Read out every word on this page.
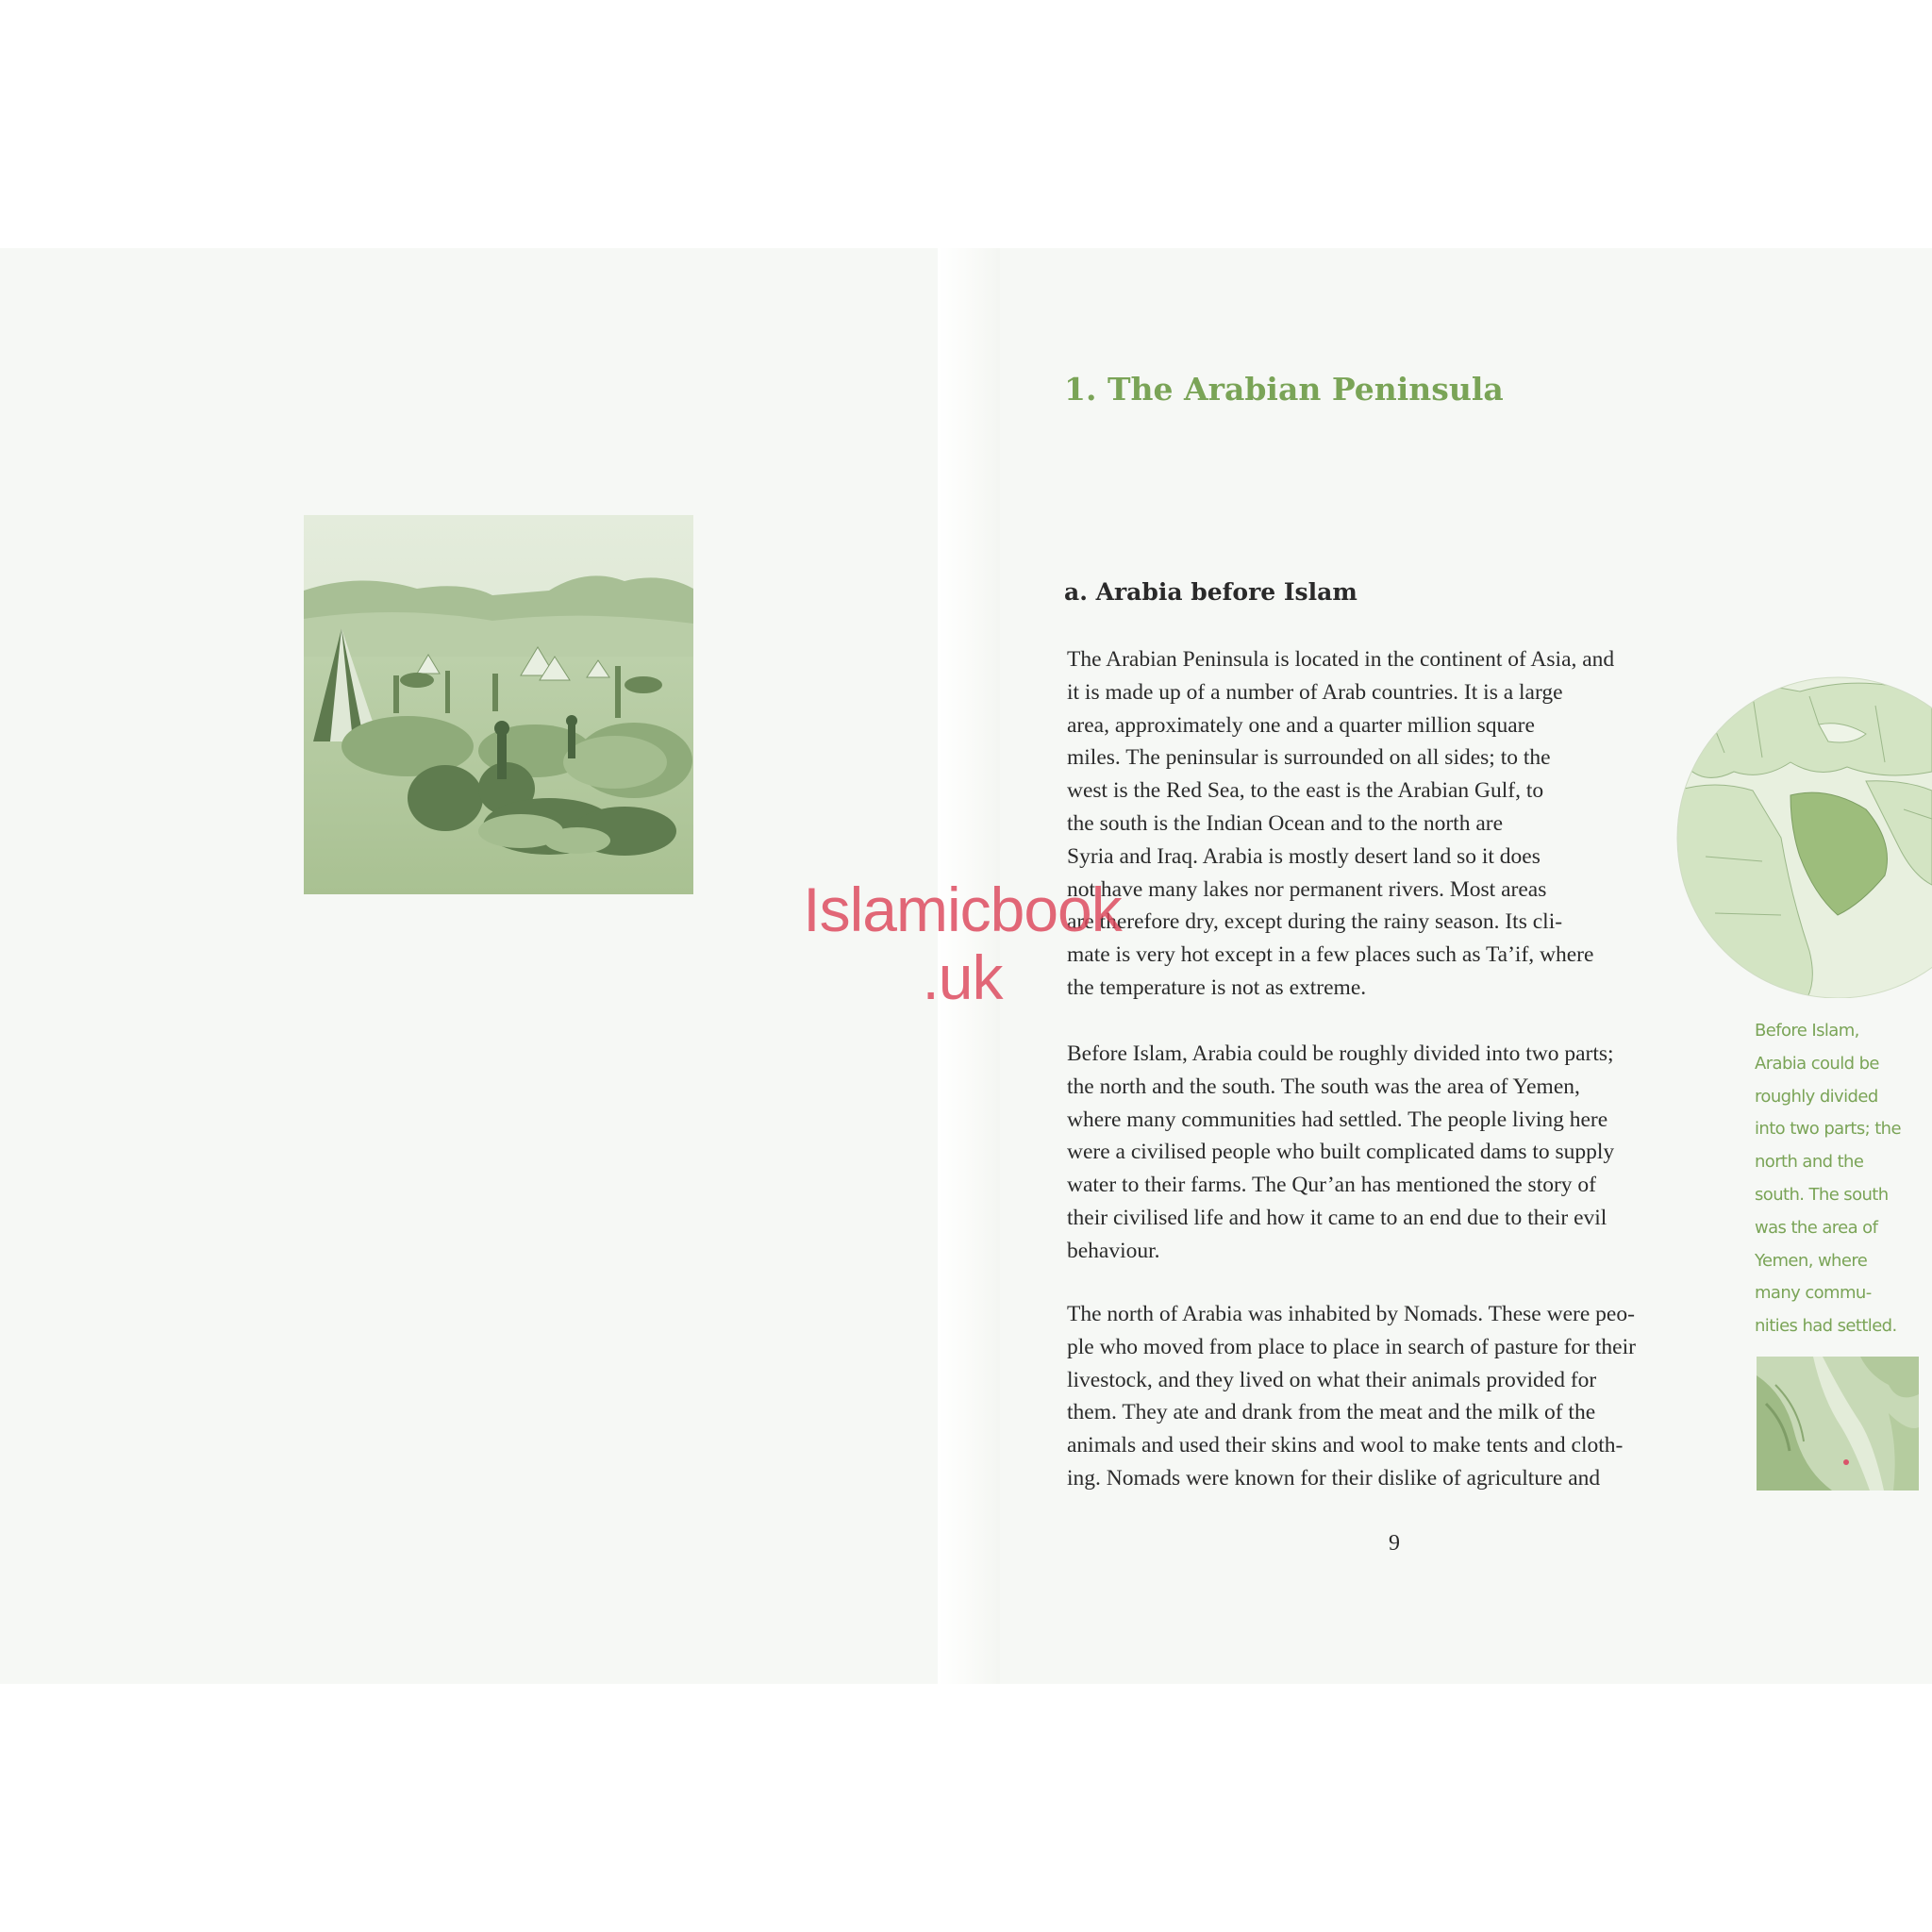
1. The Arabian Peninsula
a. Arabia before Islam
The Arabian Peninsula is located in the continent of Asia, and
it is made up of a number of Arab countries. It is a large
area, approximately one and a quarter million square
miles. The peninsular is surrounded on all sides; to the
west is the Red Sea, to the east is the Arabian Gulf, to
the south is the Indian Ocean and to the north are
Syria and Iraq. Arabia is mostly desert land so it does
not have many lakes nor permanent rivers. Most areas
are therefore dry, except during the rainy season. Its cli-
mate is very hot except in a few places such as Ta’if, where
the temperature is not as extreme.
Before Islam, Arabia could be roughly divided into two parts;
the north and the south. The south was the area of Yemen,
where many communities had settled. The people living here
were a civilised people who built complicated dams to supply
water to their farms. The Qur’an has mentioned the story of
their civilised life and how it came to an end due to their evil
behaviour.
The north of Arabia was inhabited by Nomads. These were peo-
ple who moved from place to place in search of pasture for their
livestock, and they lived on what their animals provided for
them. They ate and drank from the meat and the milk of the
animals and used their skins and wool to make tents and cloth-
ing. Nomads were known for their dislike of agriculture and
Before Islam,
Arabia could be
roughly divided
into two parts; the
north and the
south. The south
was the area of
Yemen, where
many commu-
nities had settled.

9

Islamicbook
.uk
